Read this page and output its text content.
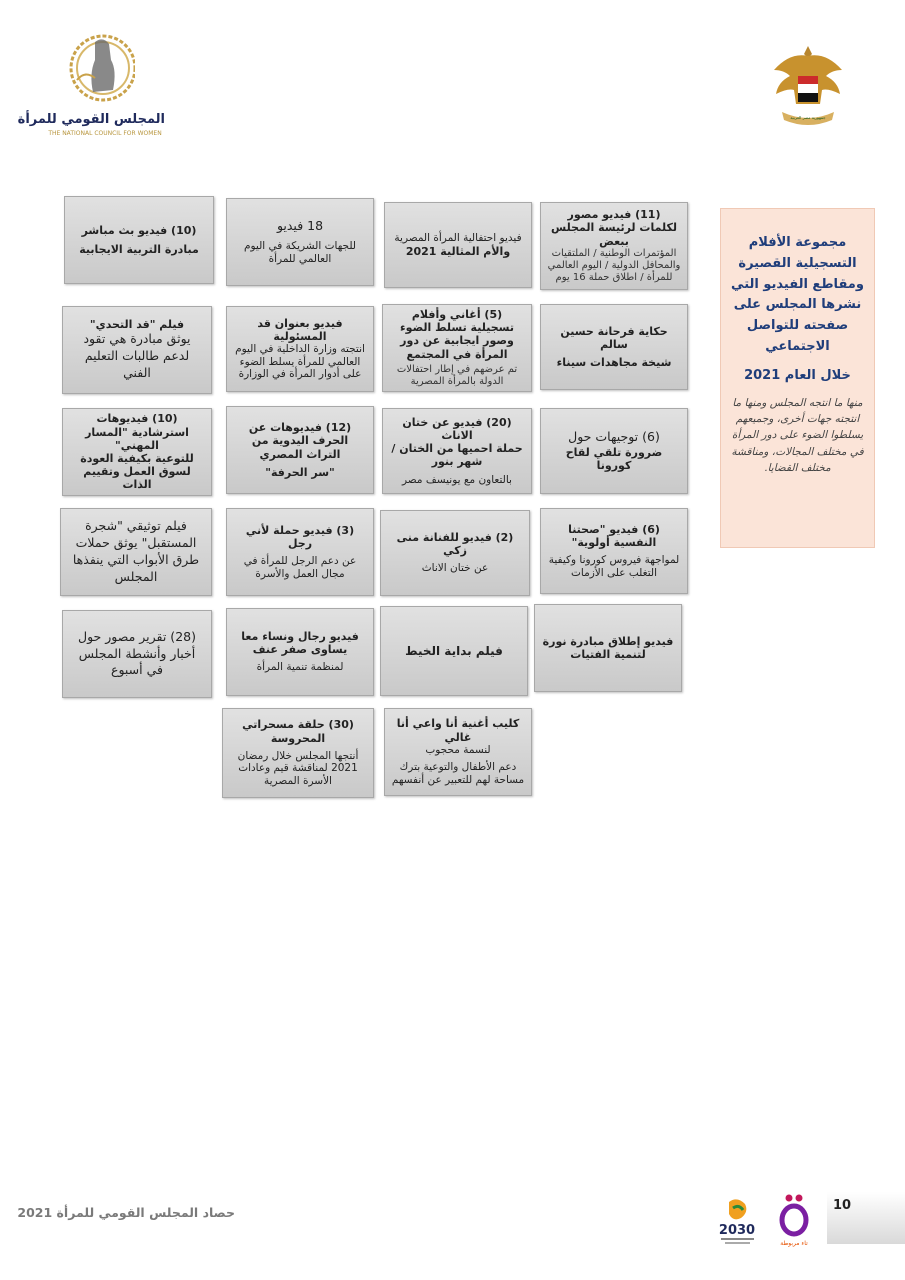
المجلس القومي للمرأة
THE NATIONAL COUNCIL FOR WOMEN
جمهورية مصر العربية
(11) فيديو مصور لكلمات لرئيسة المجلس ببعض
المؤتمرات الوطنية / الملتقيات والمحافل الدولية / اليوم العالمي للمرأة / اطلاق حملة 16 يوم
فيديو احتفالية المرأة المصرية
والأم المثالية 2021
18 فيديو
للجهات الشريكة في اليوم العالمي للمرأة
(10) فيديو بث مباشر
مبادرة التربية الايجابية
حكاية فرحانة حسين سالم
شيخة مجاهدات سيناء
(5) أغاني وأفلام تسجيلية تسلط الضوء وصور ايجابية عن دور المرأة في المجتمع
تم عرضهم في إطار احتفالات الدولة بالمرأة المصرية
فيديو بعنوان قد المسئولية
انتجته وزارة الداخلية في اليوم العالمي للمرأة يسلط الضوء على أدوار المرأة في الوزارة
فيلم "قد التحدي"
يوثق مبادرة هي تقود لدعم طالبات التعليم الفني
(6) توجيهات حول
ضرورة تلقي لقاح كورونا
(20) فيديو عن ختان الاناث
حملة احميها من الختان / شهر بنور
بالتعاون مع يونيسف مصر
(12) فيديوهات عن الحرف اليدوية من التراث المصري
"سر الحرفة"
(10) فيديوهات استرشادية "المسار المهني"
للتوعية بكيفية العودة لسوق العمل وتقييم الذات
(6) فيديو "صحتنا النفسية أولوية"
لمواجهة فيروس كورونا وكيفية التغلب على الأزمات
(2) فيديو للفنانة منى زكي
عن ختان الاناث
(3) فيديو حملة لأني رجل
عن دعم الرجل للمرأة في مجال العمل والأسرة
فيلم توثيقي "شجرة المستقبل" يوثق حملات طرق الأبواب التي ينفذها المجلس
فيديو إطلاق مبادرة نورة لتنمية الفتيات
فيلم بداية الخيط
فيديو رجال ونساء معا يساوى صفر عنف
لمنظمة تنمية المرأة
(28) تقرير مصور حول أخبار وأنشطة المجلس في أسبوع
كليب أغنية أنا واعي أنا غالي
لنسمة محجوب
دعم الأطفال والتوعية بترك مساحة لهم للتعبير عن أنفسهم
(30) حلقة مسحراتي المحروسة
أنتجها المجلس خلال رمضان 2021 لمناقشة قيم وعادات الأسرة المصرية
مجموعة الأفلام التسجيلية القصيرة ومقاطع الفيديو التي نشرها المجلس على صفحته للتواصل الاجتماعي
خلال العام 2021
منها ما انتجه المجلس ومنها ما انتجته جهات أخرى، وجميعهم يسلطوا الضوء على دور المرأة في مختلف المجالات، ومناقشة مختلف القضايا.
حصاد المجلس القومي للمرأة 2021
2030
تاء مربوطة
10
